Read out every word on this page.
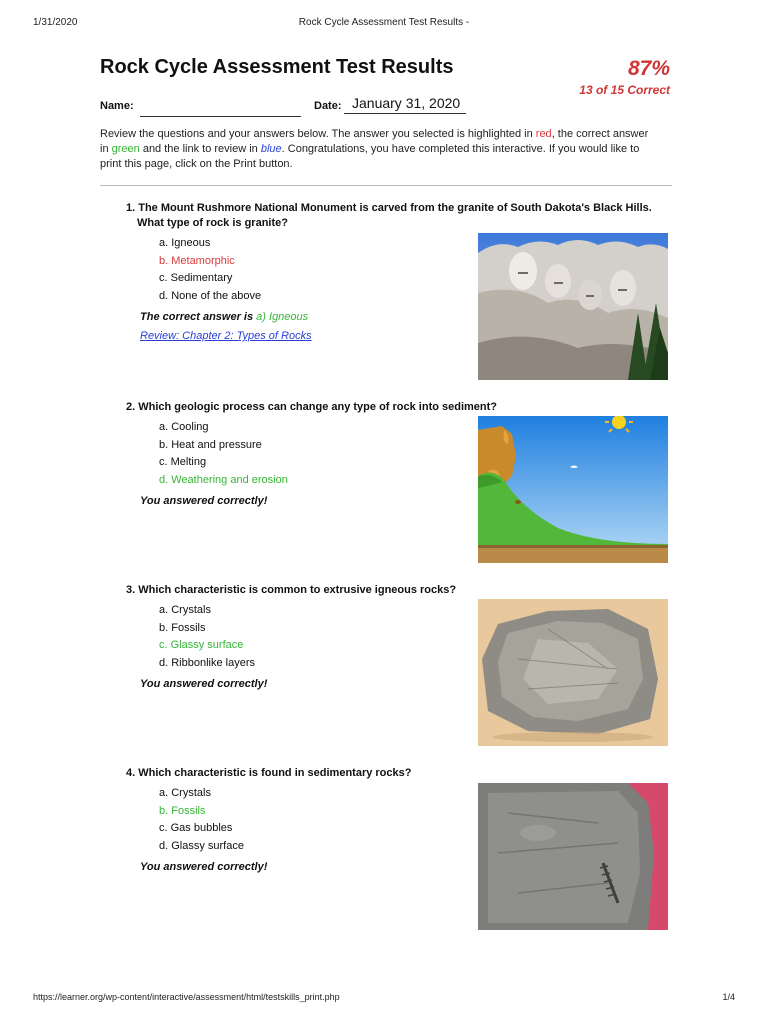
1/31/2020	Rock Cycle Assessment Test Results -
Rock Cycle Assessment Test Results	87%
13 of 15 Correct
Name:	Date: January 31, 2020

Review the questions and your answers below. The answer you selected is highlighted in red, the correct answer in green and the link to review in blue. Congratulations, you have completed this interactive. If you would like to print this page, click on the Print button.

1. The Mount Rushmore National Monument is carved from the granite of South Dakota's Black Hills. What type of rock is granite?

a. Igneous
b. Metamorphic
c. Sedimentary
d. None of the above
The correct answer is a) Igneous
Review: Chapter 2: Types of Rocks

2. Which geologic process can change any type of rock into sediment?

a. Cooling
b. Heat and pressure
c. Melting
d. Weathering and erosion
You answered correctly!

3. Which characteristic is common to extrusive igneous rocks?

a. Crystals
b. Fossils
c. Glassy surface
d. Ribbonlike layers
You answered correctly!

4. Which characteristic is found in sedimentary rocks?

a. Crystals
b. Fossils
c. Gas bubbles
d. Glassy surface
You answered correctly!
https://learner.org/wp-content/interactive/assessment/html/testskills_print.php	1/4
